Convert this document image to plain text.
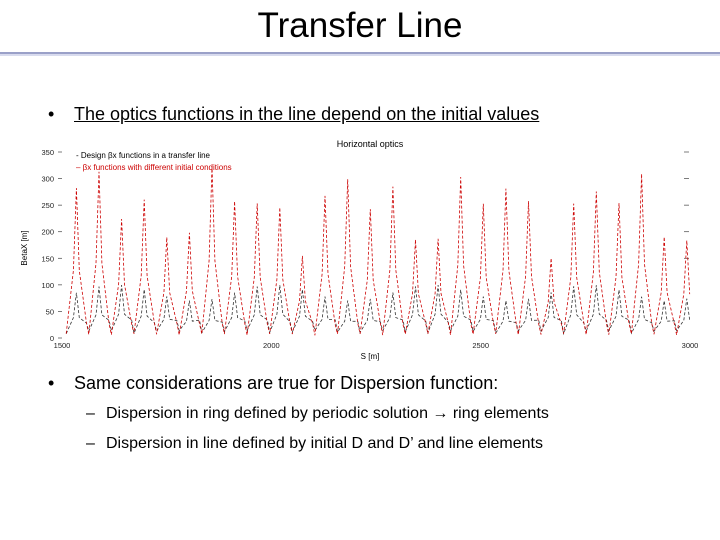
Transfer Line
• The optics functions in the line depend on the initial values
Horizontal optics
- Design βx functions in a transfer line
– βx functions with different initial conditions
BetaX [m]
S [m]
0
50
100
150
200
250
300
350
1500	2000	2500	3000
• Same considerations are true for Dispersion function:
– Dispersion in ring defined by periodic solution → ring elements
– Dispersion in line defined by initial D and D’ and line elements
